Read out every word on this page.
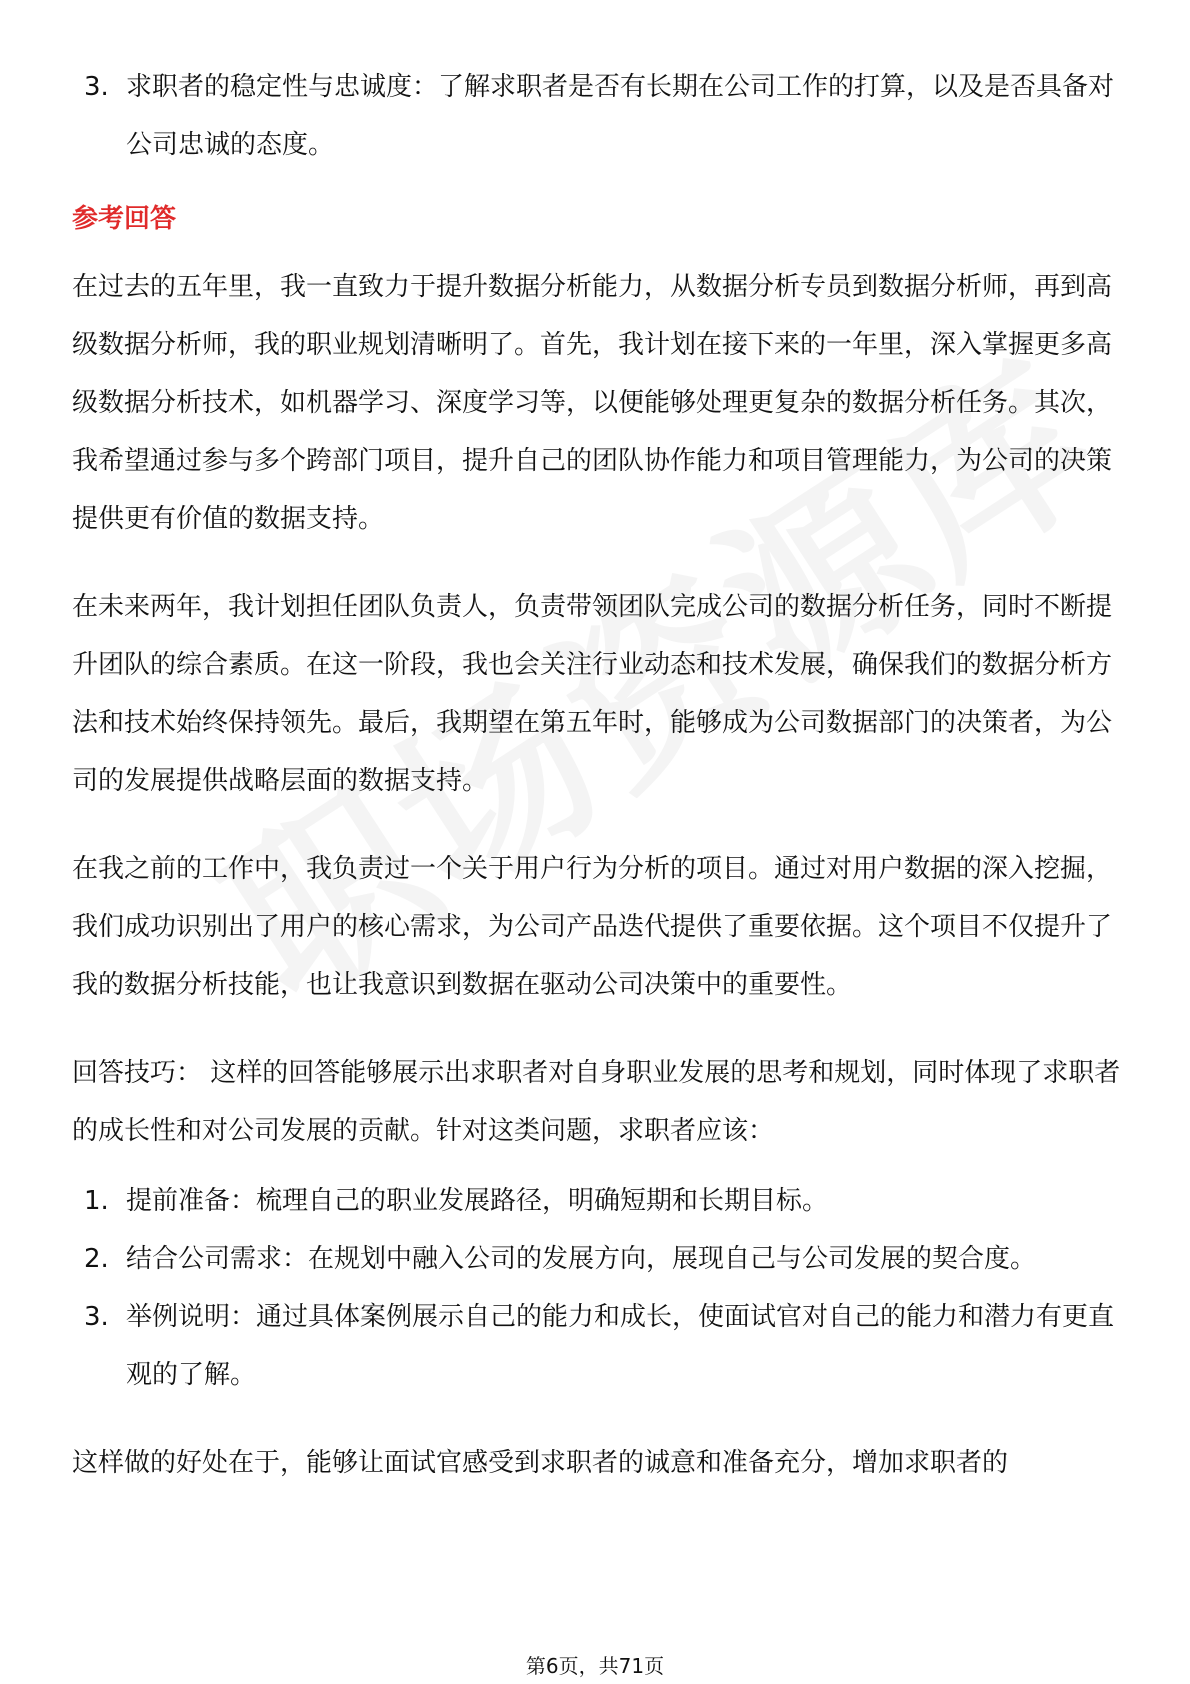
3. 求职者的稳定性与忠诚度：了解求职者是否有长期在公司工作的打算，以及是否具备对公司忠诚的态度。
参考回答

在过去的五年里，我一直致力于提升数据分析能力，从数据分析专员到数据分析师，再到高级数据分析师，我的职业规划清晰明了。首先，我计划在接下来的一年里，深入掌握更多高级数据分析技术，如机器学习、深度学习等，以便能够处理更复杂的数据分析任务。其次，我希望通过参与多个跨部门项目，提升自己的团队协作能力和项目管理能力，为公司的决策提供更有价值的数据支持。

在未来两年，我计划担任团队负责人，负责带领团队完成公司的数据分析任务，同时不断提升团队的综合素质。在这一阶段，我也会关注行业动态和技术发展，确保我们的数据分析方法和技术始终保持领先。最后，我期望在第五年时，能够成为公司数据部门的决策者，为公司的发展提供战略层面的数据支持。

在我之前的工作中，我负责过一个关于用户行为分析的项目。通过对用户数据的深入挖掘，我们成功识别出了用户的核心需求，为公司产品迭代提供了重要依据。这个项目不仅提升了我的数据分析技能，也让我意识到数据在驱动公司决策中的重要性。

回答技巧： 这样的回答能够展示出求职者对自身职业发展的思考和规划，同时体现了求职者的成长性和对公司发展的贡献。针对这类问题，求职者应该：

1. 提前准备：梳理自己的职业发展路径，明确短期和长期目标。
2. 结合公司需求：在规划中融入公司的发展方向，展现自己与公司发展的契合度。
3. 举例说明：通过具体案例展示自己的能力和成长，使面试官对自己的能力和潜力有更直观的了解。

这样做的好处在于，能够让面试官感受到求职者的诚意和准备充分，增加求职者的

第6页，共71页
